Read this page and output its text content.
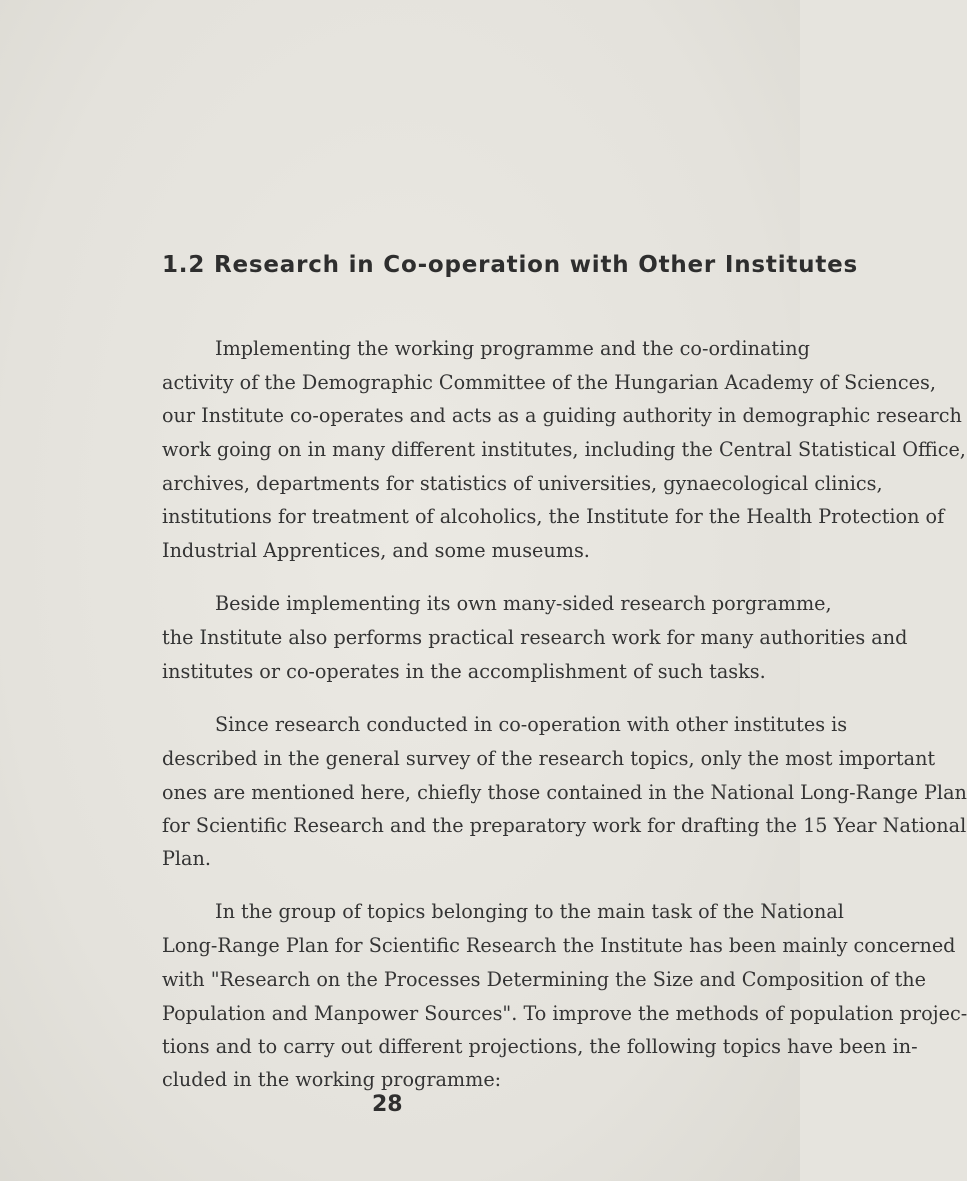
1.2 Research in Co-operation with Other Institutes
Implementing the working programme and the co-ordinating
activity of the Demographic Committee of the Hungarian Academy of Sciences,
our Institute co-operates and acts as a guiding authority in demographic research
work going on in many different institutes, including the Central Statistical Office,
archives, departments for statistics of universities, gynaecological clinics,
institutions for treatment of alcoholics, the Institute for the Health Protection of
Industrial Apprentices, and some museums.
Beside implementing its own many-sided research porgramme,
the Institute also performs practical research work for many authorities and
institutes or co-operates in the accomplishment of such tasks.
Since research conducted in co-operation with other institutes is
described in the general survey of the research topics, only the most important
ones are mentioned here, chiefly those contained in the National Long-Range Plan
for Scientific Research and the preparatory work for drafting the 15 Year National
Plan.
In the group of topics belonging to the main task of the National
Long-Range Plan for Scientific Research the Institute has been mainly concerned
with "Research on the Processes Determining the Size and Composition of the
Population and Manpower Sources". To improve the methods of population projec-
tions and to carry out different projections, the following topics have been in-
cluded in the working programme:
28
